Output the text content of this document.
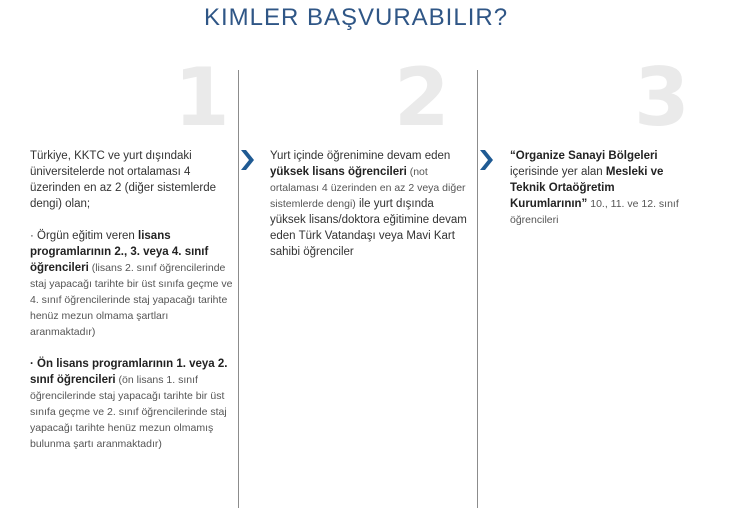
KIMLER BAŞVURABILIR?
1 2 3

Türkiye, KKTC ve yurt dışındaki üniversitelerde not ortalaması 4 üzerinden en az 2 (diğer sistemlerde dengi) olan;

· Örgün eğitim veren lisans programlarının 2., 3. veya 4. sınıf öğrencileri (lisans 2. sınıf öğrencilerinde staj yapacağı tarihte bir üst sınıfa geçme ve 4. sınıf öğrencilerinde staj yapacağı tarihte henüz mezun olmama şartları aranmaktadır)

· Ön lisans programlarının 1. veya 2. sınıf öğrencileri (ön lisans 1. sınıf öğrencilerinde staj yapacağı tarihte bir üst sınıfa geçme ve 2. sınıf öğrencilerinde staj yapacağı tarihte henüz mezun olmamış bulunma şartı aranmaktadır)

Yurt içinde öğrenimine devam eden yüksek lisans öğrencileri (not ortalaması 4 üzerinden en az 2 veya diğer sistemlerde dengi) ile yurt dışında yüksek lisans/doktora eğitimine devam eden Türk Vatandaşı veya Mavi Kart sahibi öğrenciler

“Organize Sanayi Bölgeleri içerisinde yer alan Mesleki ve Teknik Ortaöğretim Kurumlarının” 10., 11. ve 12. sınıf öğrencileri
